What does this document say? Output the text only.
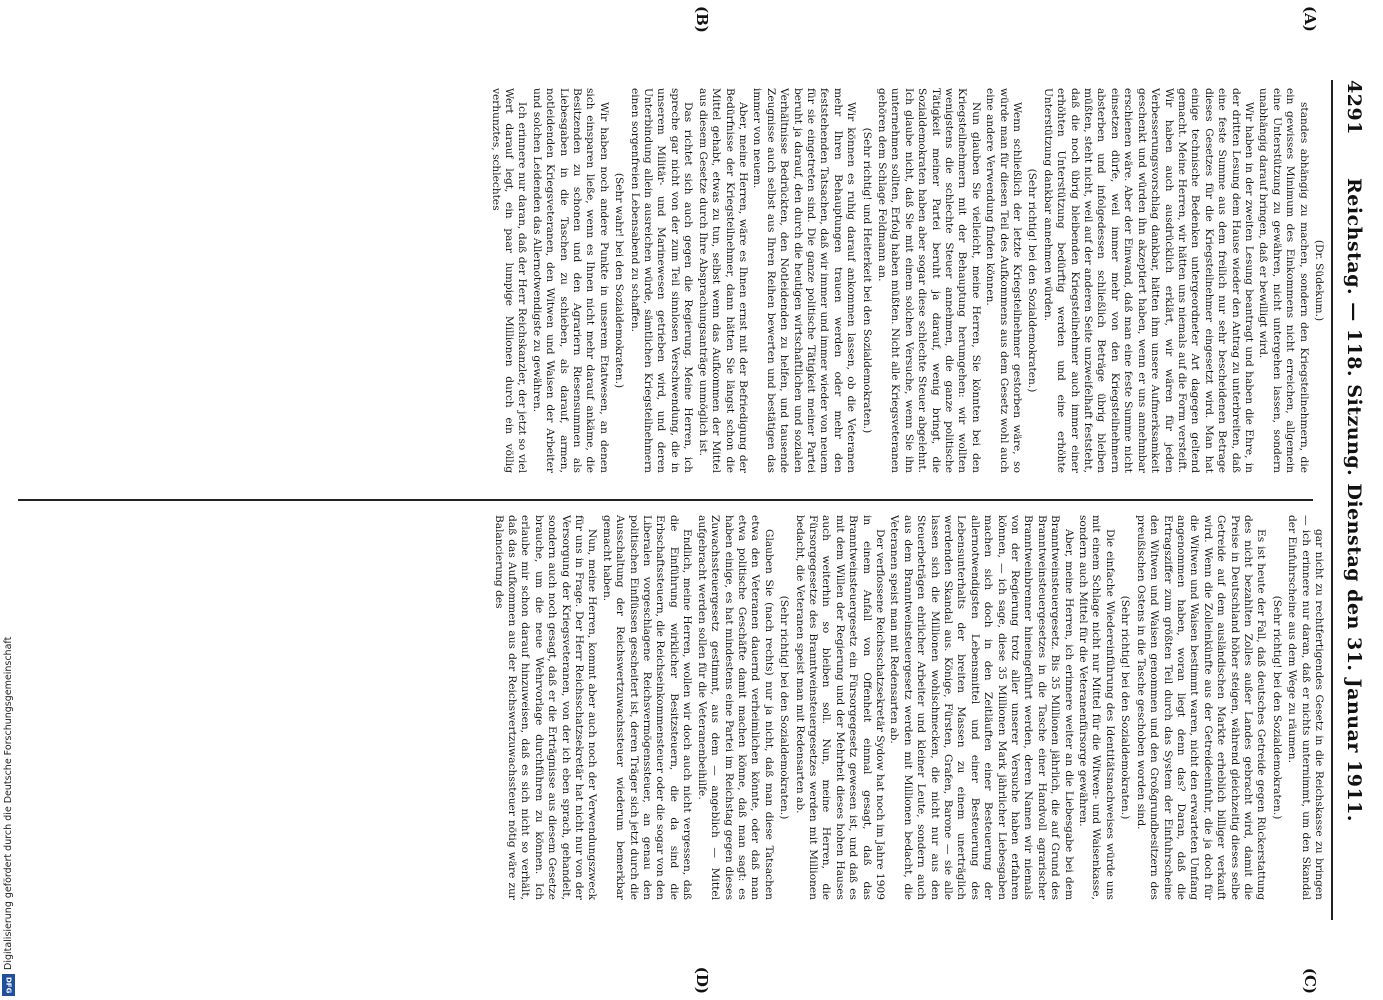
4291
Reichstag. — 118. Sitzung. Dienstag den 31. Januar 1911.
(A)
(B)
(C)
(D)

(Dr. Südekum.)

standes abhängig zu machen, sondern den Kriegsteilnehmern, die ein gewisses Minimum des Einkommens nicht erreichen, allgemein eine Unterstützung zu gewähren, nicht untergehen lassen, sondern unabhängig darauf bringen, daß er bewilligt wird.

Wir haben in der zweiten Lesung beantragt und haben die Ehre, in der dritten Lesung dem Hause wieder den Antrag zu unterbreiten, daß eine feste Summe aus dem freilich nur sehr bescheidenen Betrage dieses Gesetzes für die Kriegsteilnehmer eingesetzt wird. Man hat einige technische Bedenken untergeordneter Art dagegen geltend gemacht. Meine Herren, wir hätten uns niemals auf die Form versteift. Wir haben auch ausdrücklich erklärt, wir wären für jeden Verbesserungsvorschlag dankbar, hätten ihm unsere Aufmerksamkeit geschenkt und würden ihn akzeptiert haben, wenn er uns annehmbar erschienen wäre. Aber der Einwand, daß man eine feste Summe nicht einsetzen dürfe, weil immer mehr von den Kriegsteilnehmern absterben und infolgedessen schließlich Beträge übrig bleiben müßten, steht nicht, weil auf der anderen Seite unzweifelhaft feststeht, daß die noch übrig bleibenden Kriegsteilnehmer auch immer einer erhöhten Unterstützung bedürftig werden und eine erhöhte Unterstützung dankbar annehmen würden.

(Sehr richtig! bei den Sozialdemokraten.)

Wenn schließlich der letzte Kriegsteilnehmer gestorben wäre, so würde man für diesen Teil des Aufkommens aus dem Gesetz wohl auch eine andere Verwendung finden können.

Nun glauben Sie vielleicht, meine Herren, Sie könnten bei den Kriegsteilnehmern mit der Behauptung herumgehen: wir wollten wenigstens die schlechte Steuer annehmen, die ganze politische Tätigkeit meiner Partei beruht ja darauf, wenig bringt, die Sozialdemokraten haben aber sogar diese schlechte Steuer abgelehnt. Ich glaube nicht, daß Sie mit einem solchen Versuche, wenn Sie ihn unternehmen sollten, Erfolg haben müßten. Nicht alle Kriegsveteranen gehören dem Schlage Feldmann an.

(Sehr richtig! und Heiterkeit bei den Sozialdemokraten.)

Wir können es ruhig darauf ankommen lassen, ob die Veteranen mehr Ihren Behauptungen trauen werden oder mehr den feststehenden Tatsachen, daß wir immer und immer wieder von neuem für sie eingetreten sind. Die ganze politische Tätigkeit meiner Partei beruht ja darauf, den durch die heutigen wirtschaftlichen und sozialen Verhältnisse Bedrückten, den Notleidenden zu helfen, und tausende Zeugnisse auch selbst aus Ihren Reihen bewerten und bestätigen das immer von neuem.

Aber, meine Herren, wäre es Ihnen ernst mit der Befriedigung der Bedürfnisse der Kriegsteilnehmer, dann hätten Sie längst schon die Mittel gehabt, etwas zu tun, selbst wenn das Aufkommen der Mittel aus diesem Gesetze durch Ihre Absprachungsanträge unmöglich ist.

Das richtet sich auch gegen die Regierung. Meine Herren, ich spreche gar nicht von der zum Teil sinnlosen Verschwendung, die in unserem Militär- und Marinewesen getrieben wird, und deren Unterbindung allein ausreichen würde, sämtlichen Kriegsteilnehmern einen sorgenfreien Lebensabend zu schaffen.

(Sehr wahr! bei den Sozialdemokraten.)

Wir haben noch andere Punkte in unserem Etatwesen, an denen sich einsparen ließe, wenn es Ihnen nicht mehr darauf ankäme, die Besitzenden zu schonen und den Agrariern Riesensummen als Liebesgaben in die Taschen zu schieben, als darauf, armen, notleidenden Kriegsveteranen, den Witwen und Waisen der Arbeiter und solchen Leidenden das Allernotwendigste zu gewähren.

Ich erinnere nur daran, daß der Herr Reichskanzler, der jetzt so viel Wert darauf legt, ein paar lumpige Millionen durch ein völlig verhunztes, schlechtes

gar nicht zu rechtfertigendes Gesetz in die Reichskasse zu bringen — ich erinnere nur daran, daß er nichts unternimmt, um den Skandal der Einfuhrscheine aus dem Wege zu räumen.

(Sehr richtig! bei den Sozialdemokraten.)

Es ist heute der Fall, daß deutsches Getreide gegen Rückerstattung des nicht bezahlten Zolles außer Landes gebracht wird, damit die Preise in Deutschland höher steigen, während gleichzeitig dieses selbe Getreide auf dem ausländischen Markte erheblich billiger verkauft wird. Wenn die Zolleinkünfte aus der Getreideeinfuhr, die ja doch für die Witwen und Waisen bestimmt waren, nicht den erwarteten Umfang angenommen haben, woran liegt denn das? Daran, daß die Ertragsziffer zum größten Teil durch das System der Einfuhrscheine den Witwen und Waisen genommen und den Großgrundbesitzern des preußischen Ostens in die Tasche geschoben worden sind.

(Sehr richtig! bei den Sozialdemokraten.)

Die einfache Wiedereinführung des Identitätsnachweises würde uns mit einem Schlage nicht nur Mittel für die Witwen- und Waisenkasse, sondern auch Mittel für die Veteranenfürsorge gewähren.

Aber, meine Herren, ich erinnere weiter an die Liebesgabe bei dem Branntweinsteuergesetz. Bis 35 Millionen jährlich, die auf Grund des Branntweinsteuergesetzes in die Tasche einer Handvoll agrarischer Branntweinbrenner hineingeführt werden, deren Namen wir niemals von der Regierung trotz aller unserer Versuche haben erfahren können, — ich sage, diese 35 Millionen Mark jährlicher Liebesgaben machen sich doch in den Zeitläuften einer Besteuerung der allernotwendigsten Lebensmittel und einer Besteuerung des Lebensunterhalts der breiten Massen zu einem unerträglich werdenden Skandal aus. Könige, Fürsten, Grafen, Barone — sie alle lassen sich die Millionen wohlschmecken, die nicht nur aus den Steuerbeträgen ehrlicher Arbeiter und kleiner Leute, sondern auch aus dem Branntweinsteuergesetz werden mit Millionen bedacht, die Veteranen speist man mit Redensarten ab.

Der verflossene Reichsschatzsekretär Sydow hat noch im Jahre 1909 in einem Anfall von Offenheit einmal gesagt, daß das Branntweinsteuergesetz ein Fürsorgegesetz gewesen ist, und daß es mit dem Willen der Regierung und der Mehrheit dieses hohen Hauses auch weiterhin so bleiben soll. Nun, meine Herren, die Fürsorgegesetze des Branntweinsteuergesetzes werden mit Millionen bedacht, die Veteranen speist man mit Redensarten ab.

(Sehr richtig! bei den Sozialdemokraten.)

Glauben Sie (nach rechts) nur ja nicht, daß man diese Tatsachen etwa den Veteranen dauernd verheimlichen könnte, oder daß man etwa politische Geschäfte damit machen könne, daß man sagt: es haben einige, es hat mindestens eine Partei im Reichstag gegen dieses Zuwachssteuergesetz gestimmt, aus dem — angeblich — Mittel aufgebracht werden sollen für die Veteranenbeihilfe.

Endlich, meine Herren, wollen wir doch auch nicht vergessen, daß die Einführung wirklicher Besitzsteuern, die da sind die Erbschaftssteuern, die Reichseinkommensteuer oder die sogar von den Liberalen vorgeschlagene Reichsvermögenssteuer, an genau den politischen Einflüssen gescheitert ist, deren Träger sich jetzt durch die Ausschaltung der Reichswertzuwachssteuer wiederum bemerkbar gemacht haben.

Nun, meine Herren, kommt aber auch noch der Verwendungszweck für uns in Frage. Der Herr Reichsschatzsekretär hat nicht nur von der Versorgung der Kriegsveteranen, von der ich eben sprach, gehandelt, sondern auch noch gesagt, daß er die Erträgnisse aus diesem Gesetze brauche, um die neue Wehrvorlage durchführen zu können. Ich erlaube mir schon darauf hinzuweisen, daß es sich nicht so verhält, daß das Aufkommen aus der Reichswertzuwachssteuer nötig wäre zur Balancierung des

Digitalisierung gefördert durch die Deutsche Forschungsgemeinschaft
DFG
